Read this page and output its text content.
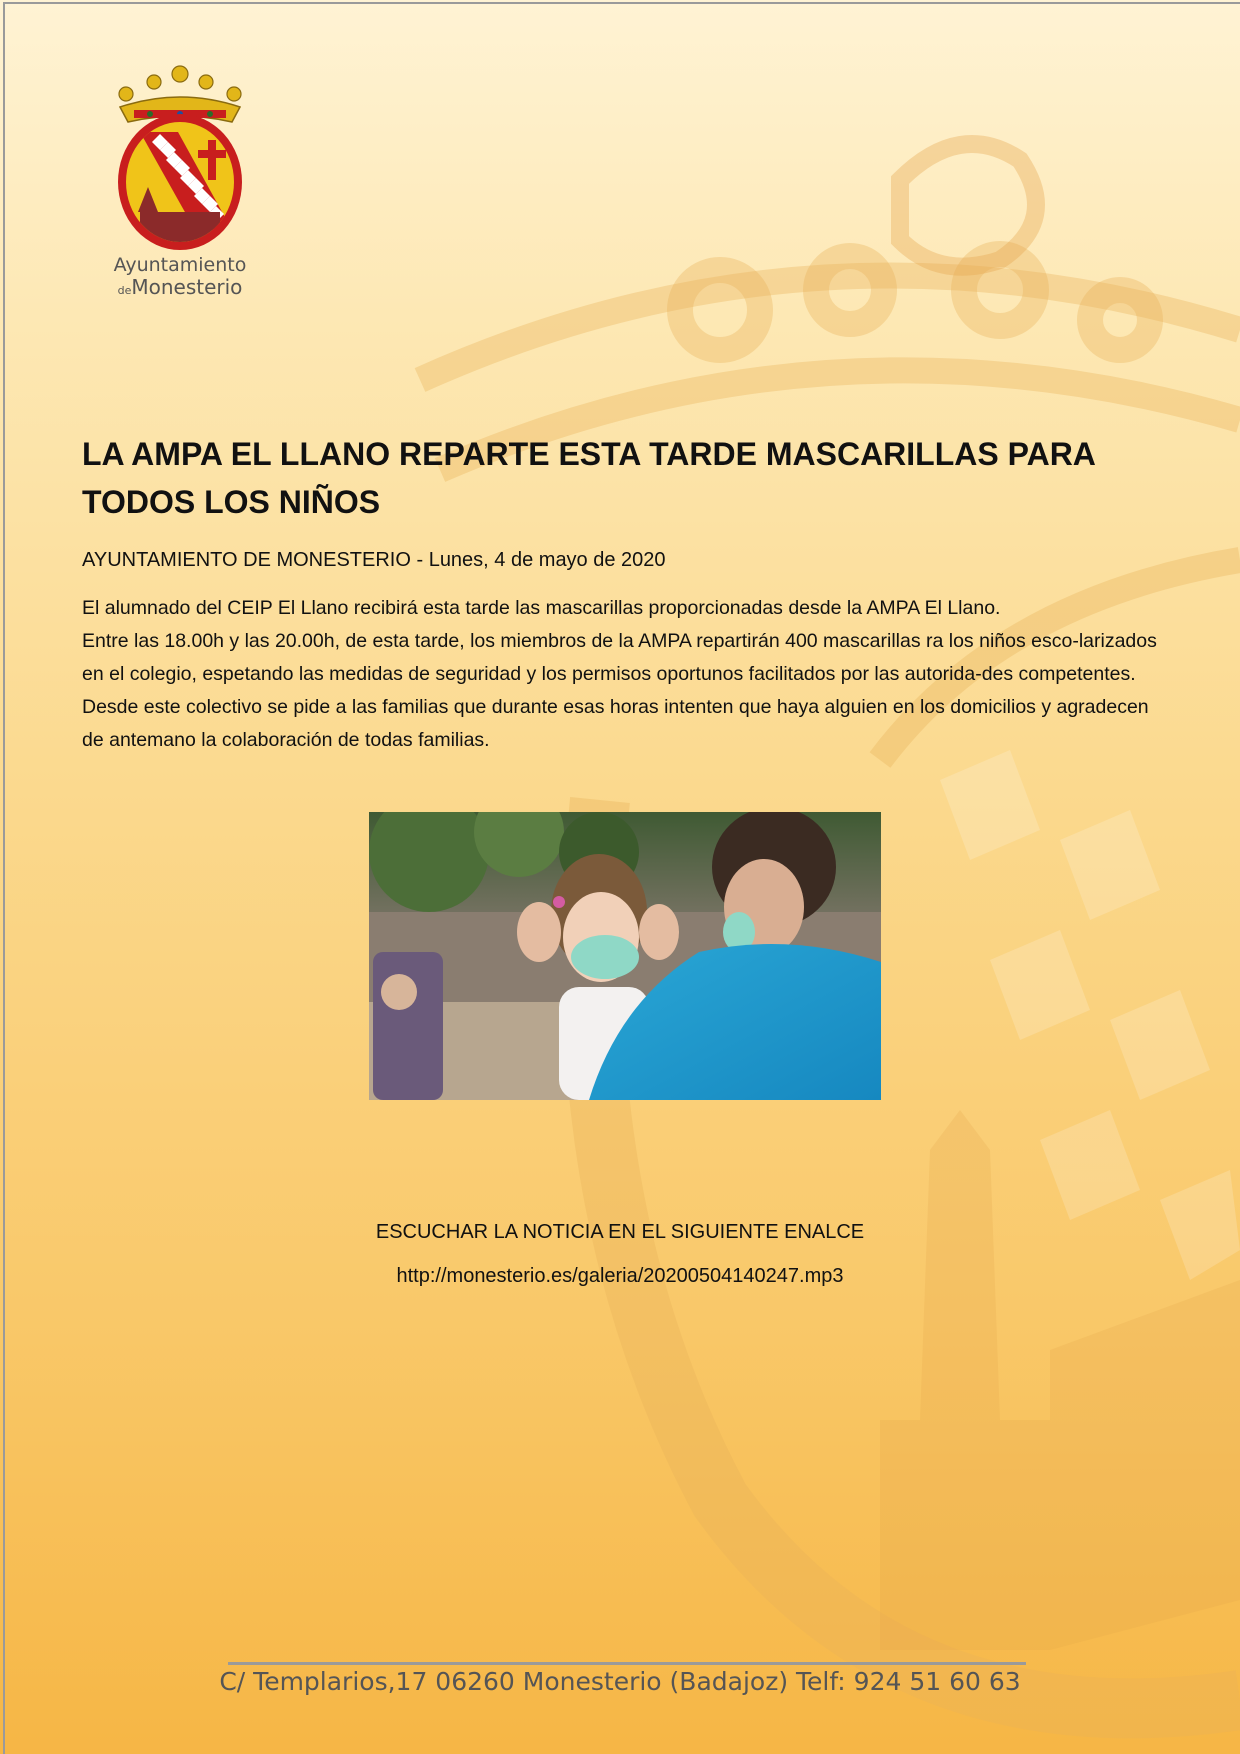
Ayuntamiento
deMonesterio
LA AMPA EL LLANO REPARTE ESTA TARDE MASCARILLAS PARA TODOS LOS NIÑOS
AYUNTAMIENTO DE MONESTERIO - Lunes, 4 de mayo de 2020

El alumnado del CEIP El Llano recibirá esta tarde las mascarillas proporcionadas desde la AMPA El Llano.

Entre las 18.00h y las 20.00h, de esta tarde, los miembros de la AMPA repartirán 400 mascarillas ra los niños esco-larizados en el colegio, espetando las medidas de seguridad y los permisos oportunos facilitados por las autorida-des competentes.

Desde este colectivo se pide a las familias que durante esas horas intenten que haya alguien en los domicilios y agradecen de antemano la colaboración de todas familias.

ESCUCHAR LA NOTICIA EN EL SIGUIENTE ENALCE
http://monesterio.es/galeria/20200504140247.mp3
C/ Templarios,17 06260 Monesterio (Badajoz) Telf: 924 51 60 63
